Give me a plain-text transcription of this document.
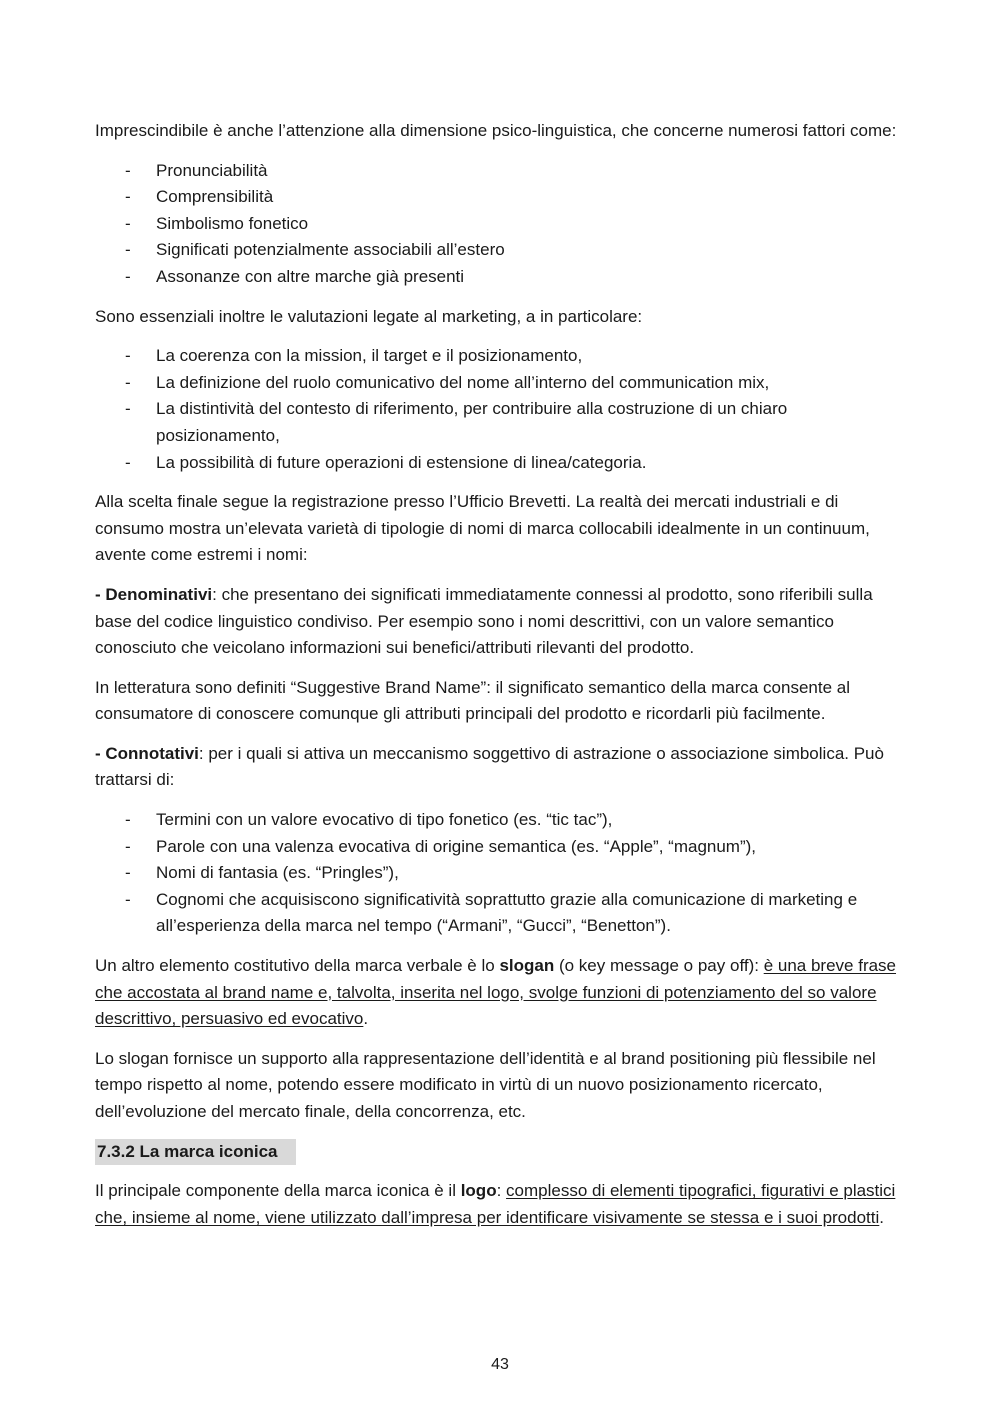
Imprescindibile è anche l’attenzione alla dimensione psico-linguistica, che concerne numerosi fattori come:

- Pronunciabilità
- Comprensibilità
- Simbolismo fonetico
- Significati potenzialmente associabili all’estero
- Assonanze con altre marche già presenti

Sono essenziali inoltre le valutazioni legate al marketing, a in particolare:

- La coerenza con la mission, il target e il posizionamento,
- La definizione del ruolo comunicativo del nome all’interno del communication mix,
- La distintività del contesto di riferimento, per contribuire alla costruzione di un chiaro posizionamento,
- La possibilità di future operazioni di estensione di linea/categoria.

Alla scelta finale segue la registrazione presso l’Ufficio Brevetti. La realtà dei mercati industriali e di consumo mostra un’elevata varietà di tipologie di nomi di marca collocabili idealmente in un continuum, avente come estremi i nomi:

- Denominativi: che presentano dei significati immediatamente connessi al prodotto, sono riferibili sulla base del codice linguistico condiviso. Per esempio sono i nomi descrittivi, con un valore semantico conosciuto che veicolano informazioni sui benefici/attributi rilevanti del prodotto.

In letteratura sono definiti “Suggestive Brand Name”: il significato semantico della marca consente al consumatore di conoscere comunque gli attributi principali del prodotto e ricordarli più facilmente.

- Connotativi: per i quali si attiva un meccanismo soggettivo di astrazione o associazione simbolica. Può trattarsi di:

- Termini con un valore evocativo di tipo fonetico (es. “tic tac”),
- Parole con una valenza evocativa di origine semantica (es. “Apple”, “magnum”),
- Nomi di fantasia (es. “Pringles”),
- Cognomi che acquisiscono significatività soprattutto grazie alla comunicazione di marketing e all’esperienza della marca nel tempo (“Armani”, “Gucci”, “Benetton”).

Un altro elemento costitutivo della marca verbale è lo slogan (o key message o pay off): è una breve frase che accostata al brand name e, talvolta, inserita nel logo, svolge funzioni di potenziamento del so valore descrittivo, persuasivo ed evocativo.

Lo slogan fornisce un supporto alla rappresentazione dell’identità e al brand positioning più flessibile nel tempo rispetto al nome, potendo essere modificato in virtù di un nuovo posizionamento ricercato, dell’evoluzione del mercato finale, della concorrenza, etc.

7.3.2 La marca iconica

Il principale componente della marca iconica è il logo: complesso di elementi tipografici, figurativi e plastici che, insieme al nome, viene utilizzato dall’impresa per identificare visivamente se stessa e i suoi prodotti.

43
